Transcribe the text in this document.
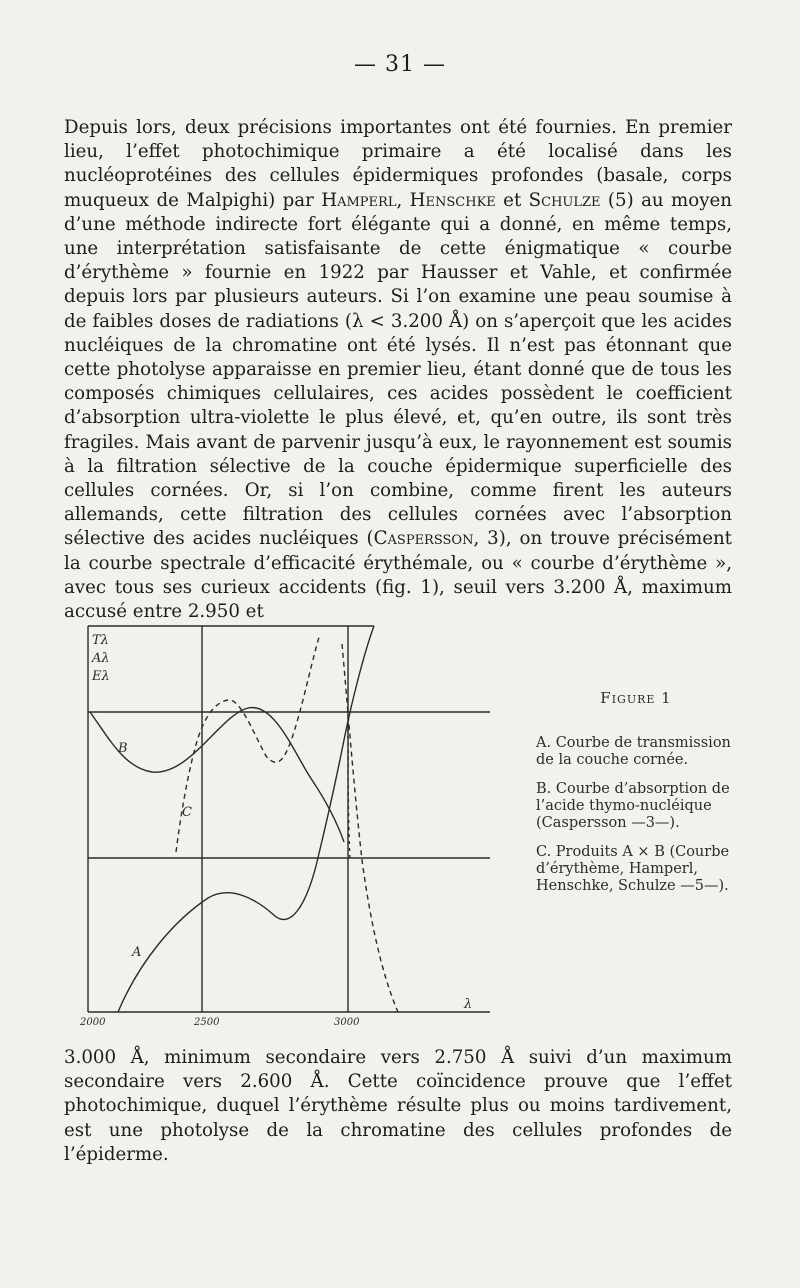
— 31 —

Depuis lors, deux précisions importantes ont été fournies. En premier lieu, l’effet photochimique primaire a été localisé dans les nucléoprotéines des cellules épidermiques profondes (basale, corps muqueux de Malpighi) par Hamperl, Henschke et Schulze (5) au moyen d’une méthode indirecte fort élégante qui a donné, en même temps, une interprétation satisfaisante de cette énigmatique « courbe d’érythème » fournie en 1922 par Hausser et Vahle, et confirmée depuis lors par plusieurs auteurs. Si l’on examine une peau soumise à de faibles doses de radiations (λ < 3.200 Å) on s’aperçoit que les acides nucléiques de la chromatine ont été lysés. Il n’est pas étonnant que cette photolyse apparaisse en premier lieu, étant donné que de tous les composés chimiques cellulaires, ces acides possèdent le coefficient d’absorption ultra-violette le plus élevé, et, qu’en outre, ils sont très fragiles. Mais avant de parvenir jusqu’à eux, le rayonnement est soumis à la filtration sélective de la couche épidermique superficielle des cellules cornées. Or, si l’on combine, comme firent les auteurs allemands, cette filtration des cellules cornées avec l’absorption sélective des acides nucléiques (Caspersson, 3), on trouve précisément la courbe spectrale d’efficacité érythémale, ou « courbe d’érythème », avec tous ses curieux accidents (fig. 1), seuil vers 3.200 Å, maximum accusé entre 2.950 et

2000	2500	3000
Tλ
Aλ
Eλ
λ
B
C
A

Figure 1

A. Courbe de transmission de la couche cornée.

B. Courbe d’absorption de l’acide thymo-nucléique (Caspersson —3—).

C. Produits A × B (Courbe d’érythème, Hamperl, Henschke, Schulze —5—).

3.000 Å, minimum secondaire vers 2.750 Å suivi d’un maximum secondaire vers 2.600 Å. Cette coïncidence prouve que l’effet photochimique, duquel l’érythème résulte plus ou moins tardivement, est une photolyse de la chromatine des cellules profondes de l’épiderme.
